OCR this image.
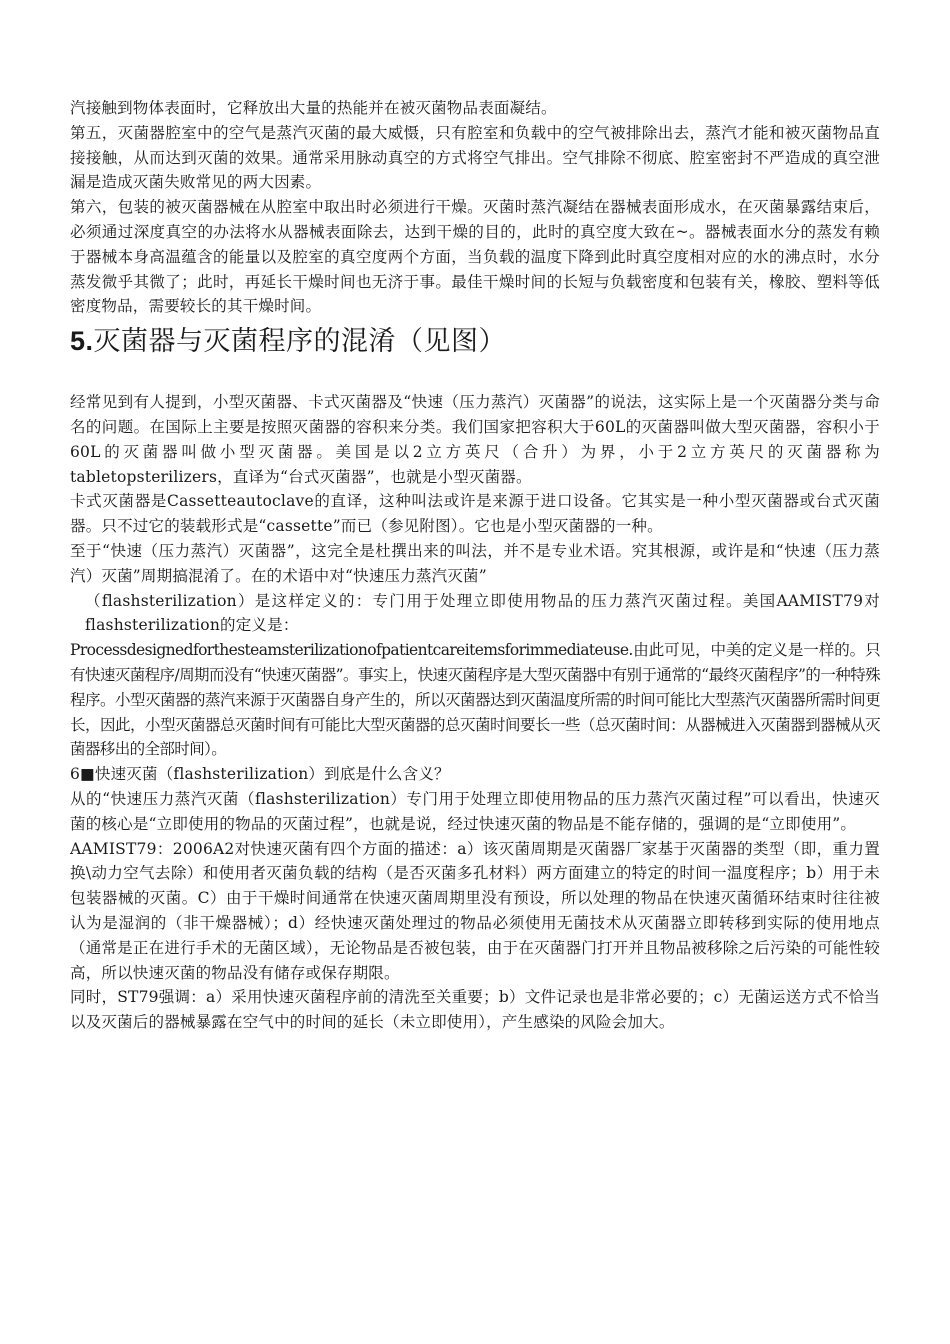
汽接触到物体表面时，它释放出大量的热能并在被灭菌物品表面凝结。

第五，灭菌器腔室中的空气是蒸汽灭菌的最大威慑，只有腔室和负载中的空气被排除出去，蒸汽才能和被灭菌物品直接接触，从而达到灭菌的效果。通常采用脉动真空的方式将空气排出。空气排除不彻底、腔室密封不严造成的真空泄漏是造成灭菌失败常见的两大因素。

第六，包装的被灭菌器械在从腔室中取出时必须进行干燥。灭菌时蒸汽凝结在器械表面形成水，在灭菌暴露结束后，必须通过深度真空的办法将水从器械表面除去，达到干燥的目的，此时的真空度大致在~。器械表面水分的蒸发有赖于器械本身高温蕴含的能量以及腔室的真空度两个方面，当负载的温度下降到此时真空度相对应的水的沸点时，水分蒸发微乎其微了；此时，再延长干燥时间也无济于事。最佳干燥时间的长短与负载密度和包装有关，橡胶、塑料等低密度物品，需要较长的其干燥时间。

5.灭菌器与灭菌程序的混淆（见图）

经常见到有人提到，小型灭菌器、卡式灭菌器及“快速（压力蒸汽）灭菌器”的说法，这实际上是一个灭菌器分类与命名的问题。在国际上主要是按照灭菌器的容积来分类。我们国家把容积大于60L的灭菌器叫做大型灭菌器，容积小于60L的灭菌器叫做小型灭菌器。美国是以2立方英尺（合升）为界，小于2立方英尺的灭菌器称为tabletopsterilizers，直译为“台式灭菌器”，也就是小型灭菌器。

卡式灭菌器是Cassetteautoclave的直译，这种叫法或许是来源于进口设备。它其实是一种小型灭菌器或台式灭菌器。只不过它的装载形式是“cassette”而已（参见附图）。它也是小型灭菌器的一种。

至于“快速（压力蒸汽）灭菌器”，这完全是杜撰出来的叫法，并不是专业术语。究其根源，或许是和“快速（压力蒸汽）灭菌”周期搞混淆了。在的术语中对“快速压力蒸汽灭菌”

（flashsterilization）是这样定义的：专门用于处理立即使用物品的压力蒸汽灭菌过程。美国AAMIST79对flashsterilization的定义是：

Processdesignedforthesteamsterilizationofpatientcareitemsforimmediateuse.由此可见，中美的定义是一样的。只有快速灭菌程序/周期而没有“快速灭菌器”。事实上，快速灭菌程序是大型灭菌器中有别于通常的“最终灭菌程序”的一种特殊程序。小型灭菌器的蒸汽来源于灭菌器自身产生的，所以灭菌器达到灭菌温度所需的时间可能比大型蒸汽灭菌器所需时间更长，因此，小型灭菌器总灭菌时间有可能比大型灭菌器的总灭菌时间要长一些（总灭菌时间：从器械进入灭菌器到器械从灭菌器移出的全部时间）。

6■快速灭菌（flashsterilization）到底是什么含义？

从的“快速压力蒸汽灭菌（flashsterilization）专门用于处理立即使用物品的压力蒸汽灭菌过程”可以看出，快速灭菌的核心是“立即使用的物品的灭菌过程”，也就是说，经过快速灭菌的物品是不能存储的，强调的是“立即使用”。

AAMIST79：2006A2对快速灭菌有四个方面的描述：a）该灭菌周期是灭菌器厂家基于灭菌器的类型（即，重力置换\动力空气去除）和使用者灭菌负载的结构（是否灭菌多孔材料）两方面建立的特定的时间一温度程序；b）用于未包装器械的灭菌。C）由于干燥时间通常在快速灭菌周期里没有预设，所以处理的物品在快速灭菌循环结束时往往被认为是湿润的（非干燥器械）；d）经快速灭菌处理过的物品必须使用无菌技术从灭菌器立即转移到实际的使用地点（通常是正在进行手术的无菌区域），无论物品是否被包装，由于在灭菌器门打开并且物品被移除之后污染的可能性较高，所以快速灭菌的物品没有储存或保存期限。

同时，ST79强调：a）采用快速灭菌程序前的清洗至关重要；b）文件记录也是非常必要的；c）无菌运送方式不恰当以及灭菌后的器械暴露在空气中的时间的延长（未立即使用），产生感染的风险会加大。
